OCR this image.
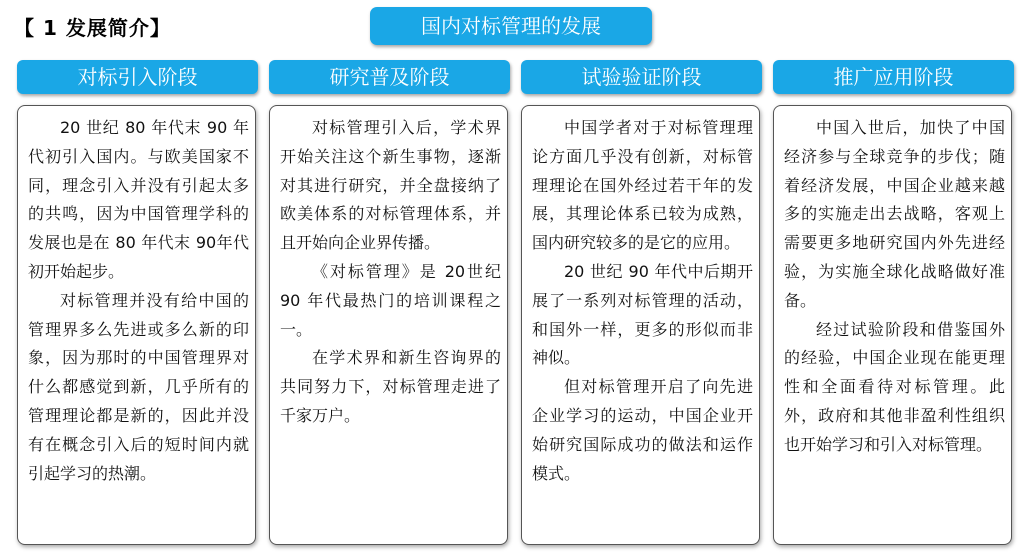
【 1 发展简介】	国内对标管理的发展
对标引入阶段	研究普及阶段	试验验证阶段	推广应用阶段

20 世纪 80 年代末 90 年代初引入国内。与欧美国家不同，理念引入并没有引起太多的共鸣，因为中国管理学科的发展也是在 80 年代末 90年代初开始起步。

对标管理并没有给中国的管理界多么先进或多么新的印象，因为那时的中国管理界对什么都感觉到新，几乎所有的管理理论都是新的，因此并没有在概念引入后的短时间内就引起学习的热潮。

对标管理引入后，学术界开始关注这个新生事物，逐渐对其进行研究，并全盘接纳了欧美体系的对标管理体系，并且开始向企业界传播。

《对标管理》是 20世纪 90 年代最热门的培训课程之一。

在学术界和新生咨询界的共同努力下，对标管理走进了千家万户。

中国学者对于对标管理理论方面几乎没有创新，对标管理理论在国外经过若干年的发展，其理论体系已较为成熟，国内研究较多的是它的应用。

20 世纪 90 年代中后期开展了一系列对标管理的活动，和国外一样，更多的形似而非神似。

但对标管理开启了向先进企业学习的运动，中国企业开始研究国际成功的做法和运作模式。

中国入世后，加快了中国经济参与全球竞争的步伐；随着经济发展，中国企业越来越多的实施走出去战略，客观上需要更多地研究国内外先进经验，为实施全球化战略做好准备。

经过试验阶段和借鉴国外的经验，中国企业现在能更理性和全面看待对标管理。此外，政府和其他非盈利性组织也开始学习和引入对标管理。
